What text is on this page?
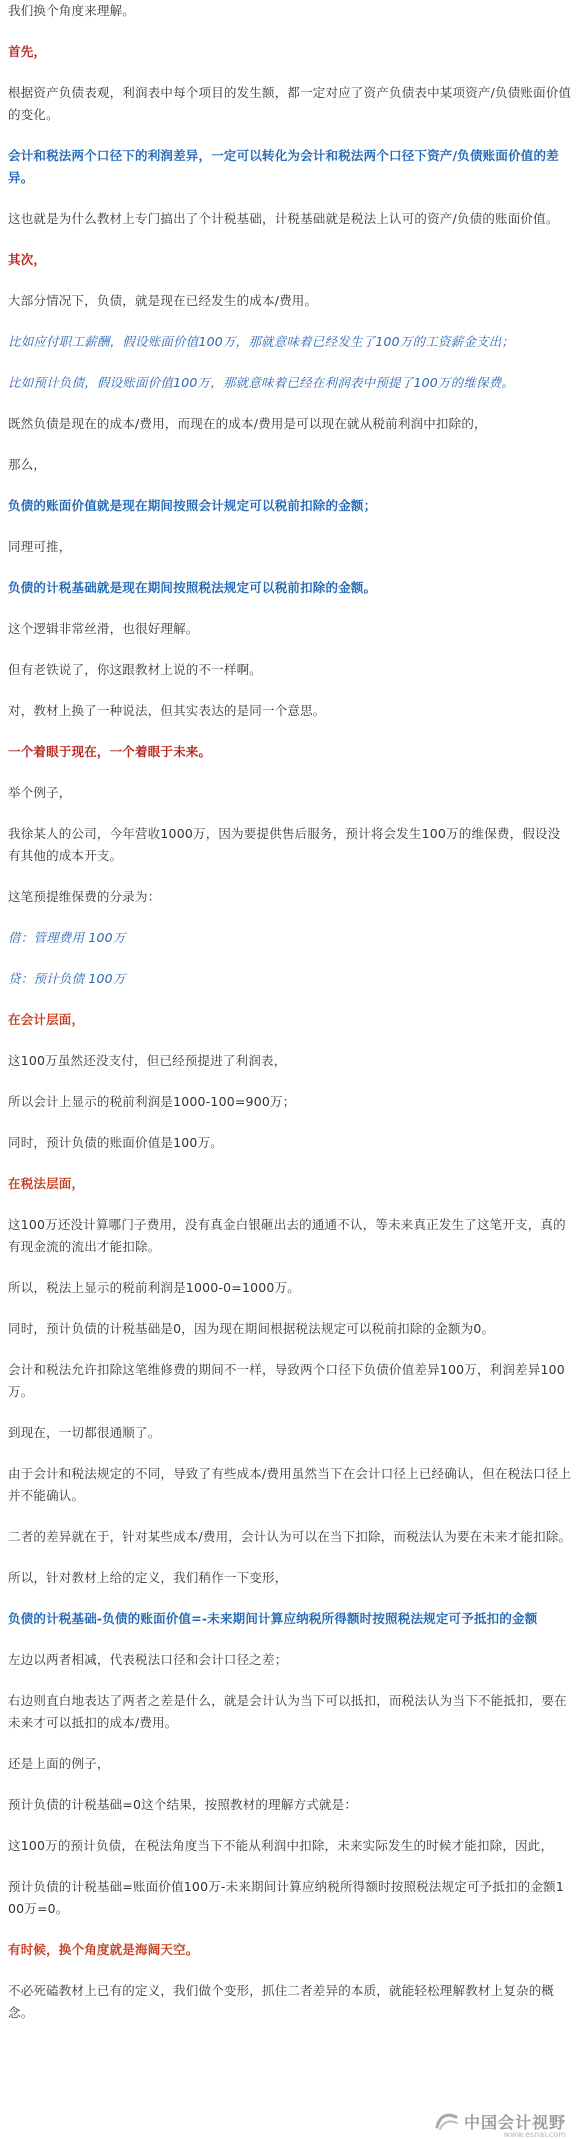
我们换个角度来理解。

首先，

根据资产负债表观，利润表中每个项目的发生额，都一定对应了资产负债表中某项资产/负债账面价值的变化。

会计和税法两个口径下的利润差异，一定可以转化为会计和税法两个口径下资产/负债账面价值的差异。

这也就是为什么教材上专门搞出了个计税基础，计税基础就是税法上认可的资产/负债的账面价值。

其次，

大部分情况下，负债，就是现在已经发生的成本/费用。

比如应付职工薪酬，假设账面价值100万，那就意味着已经发生了100万的工资薪金支出；

比如预计负债，假设账面价值100万，那就意味着已经在利润表中预提了100万的维保费。

既然负债是现在的成本/费用，而现在的成本/费用是可以现在就从税前利润中扣除的，

那么，

负债的账面价值就是现在期间按照会计规定可以税前扣除的金额；

同理可推，

负债的计税基础就是现在期间按照税法规定可以税前扣除的金额。

这个逻辑非常丝滑，也很好理解。

但有老铁说了，你这跟教材上说的不一样啊。

对，教材上换了一种说法，但其实表达的是同一个意思。

一个着眼于现在，一个着眼于未来。

举个例子，

我徐某人的公司，今年营收1000万，因为要提供售后服务，预计将会发生100万的维保费，假设没有其他的成本开支。

这笔预提维保费的分录为：

借：管理费用 100万

贷：预计负债 100万

在会计层面，

这100万虽然还没支付，但已经预提进了利润表，

所以会计上显示的税前利润是1000-100=900万；

同时，预计负债的账面价值是100万。

在税法层面，

这100万还没计算哪门子费用，没有真金白银砸出去的通通不认，等未来真正发生了这笔开支，真的有现金流的流出才能扣除。

所以，税法上显示的税前利润是1000-0=1000万。

同时，预计负债的计税基础是0，因为现在期间根据税法规定可以税前扣除的金额为0。

会计和税法允许扣除这笔维修费的期间不一样，导致两个口径下负债价值差异100万，利润差异100万。

到现在，一切都很通顺了。

由于会计和税法规定的不同，导致了有些成本/费用虽然当下在会计口径上已经确认，但在税法口径上并不能确认。

二者的差异就在于，针对某些成本/费用，会计认为可以在当下扣除，而税法认为要在未来才能扣除。

所以，针对教材上给的定义，我们稍作一下变形，

负债的计税基础-负债的账面价值=-未来期间计算应纳税所得额时按照税法规定可予抵扣的金额

左边以两者相减，代表税法口径和会计口径之差；

右边则直白地表达了两者之差是什么，就是会计认为当下可以抵扣，而税法认为当下不能抵扣，要在未来才可以抵扣的成本/费用。

还是上面的例子，

预计负债的计税基础=0这个结果，按照教材的理解方式就是：

这100万的预计负债，在税法角度当下不能从利润中扣除，未来实际发生的时候才能扣除，因此，

预计负债的计税基础=账面价值100万-未来期间计算应纳税所得额时按照税法规定可予抵扣的金额100万=0。

有时候，换个角度就是海阔天空。

不必死磕教材上已有的定义，我们做个变形，抓住二者差异的本质，就能轻松理解教材上复杂的概念。

中国会计视野
www.esnai.com
